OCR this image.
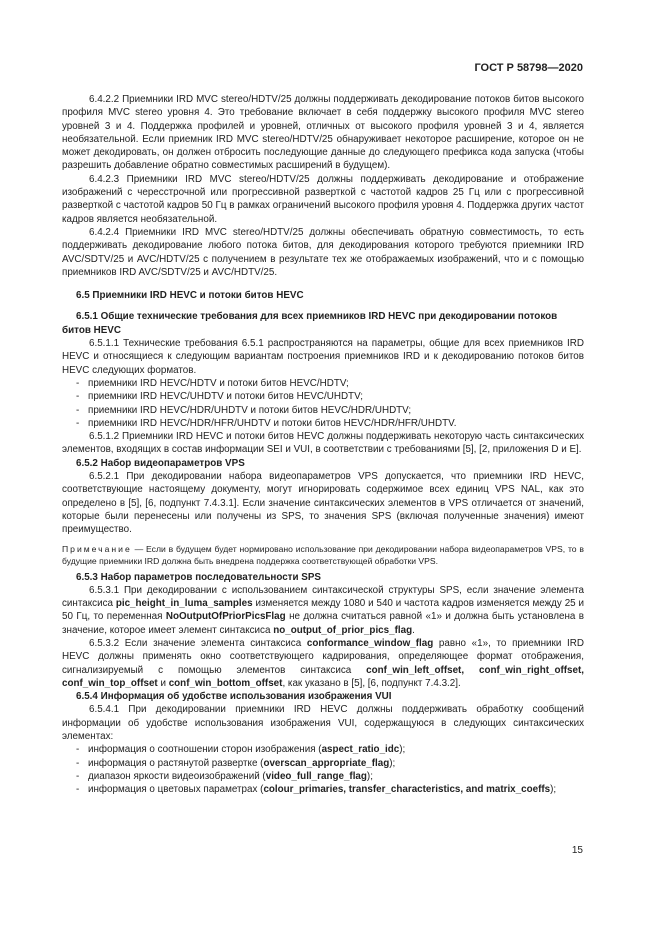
ГОСТ Р 58798—2020

6.4.2.2 Приемники IRD MVC stereo/HDTV/25 должны поддерживать декодирование потоков битов высокого профиля MVC stereo уровня 4. Это требование включает в себя поддержку высокого профиля MVC stereo уровней 3 и 4. Поддержка профилей и уровней, отличных от высокого профиля уровней 3 и 4, является необязательной. Если приемник IRD MVC stereo/HDTV/25 обнаруживает некоторое расширение, которое он не может декодировать, он должен отбросить последующие данные до следующего префикса кода запуска (чтобы разрешить добавление обратно совместимых расширений в будущем).

6.4.2.3 Приемники IRD MVC stereo/HDTV/25 должны поддерживать декодирование и отображение изображений с чересстрочной или прогрессивной разверткой с частотой кадров 25 Гц или с прогрессивной разверткой с частотой кадров 50 Гц в рамках ограничений высокого профиля уровня 4. Поддержка других частот кадров является необязательной.

6.4.2.4 Приемники IRD MVC stereo/HDTV/25 должны обеспечивать обратную совместимость, то есть поддерживать декодирование любого потока битов, для декодирования которого требуются приемники IRD AVC/SDTV/25 и AVC/HDTV/25 с получением в результате тех же отображаемых изображений, что и с помощью приемников IRD AVC/SDTV/25 и AVC/HDTV/25.

6.5 Приемники IRD HEVC и потоки битов HEVC

6.5.1 Общие технические требования для всех приемников IRD HEVC при декодировании потоков битов HEVC

6.5.1.1 Технические требования 6.5.1 распространяются на параметры, общие для всех приемников IRD HEVC и относящиеся к следующим вариантам построения приемников IRD и к декодированию потоков битов HEVC следующих форматов.

- приемники IRD HEVC/HDTV и потоки битов HEVC/HDTV;

- приемники IRD HEVC/UHDTV и потоки битов HEVC/UHDTV;

- приемники IRD HEVC/HDR/UHDTV и потоки битов HEVC/HDR/UHDTV;

- приемники IRD HEVC/HDR/HFR/UHDTV и потоки битов HEVC/HDR/HFR/UHDTV.

6.5.1.2 Приемники IRD HEVC и потоки битов HEVC должны поддерживать некоторую часть синтаксических элементов, входящих в состав информации SEI и VUI, в соответствии с требованиями [5], [2, приложения D и E].

6.5.2 Набор видеопараметров VPS

6.5.2.1 При декодировании набора видеопараметров VPS допускается, что приемники IRD HEVC, соответствующие настоящему документу, могут игнорировать содержимое всех единиц VPS NAL, как это определено в [5], [6, подпункт 7.4.3.1]. Если значение синтаксических элементов в VPS отличается от значений, которые были перенесены или получены из SPS, то значения SPS (включая полученные значения) имеют преимущество.

Примечание — Если в будущем будет нормировано использование при декодировании набора видеопараметров VPS, то в будущие приемники IRD должна быть внедрена поддержка соответствующей обработки VPS.

6.5.3 Набор параметров последовательности SPS

6.5.3.1 При декодировании с использованием синтаксической структуры SPS, если значение элемента синтаксиса pic_height_in_luma_samples изменяется между 1080 и 540 и частота кадров изменяется между 25 и 50 Гц, то переменная NoOutputOfPriorPicsFlag не должна считаться равной «1» и должна быть установлена в значение, которое имеет элемент синтаксиса no_output_of_prior_pics_flag.

6.5.3.2 Если значение элемента синтаксиса conformance_window_flag равно «1», то приемники IRD HEVC должны применять окно соответствующего кадрирования, определяющее формат отображения, сигнализируемый с помощью элементов синтаксиса conf_win_left_offset, conf_win_right_offset, conf_win_top_offset и conf_win_bottom_offset, как указано в [5], [6, подпункт 7.4.3.2].

6.5.4 Информация об удобстве использования изображения VUI

6.5.4.1 При декодировании приемники IRD HEVC должны поддерживать обработку сообщений информации об удобстве использования изображения VUI, содержащуюся в следующих синтаксических элементах:

- информация о соотношении сторон изображения (aspect_ratio_idc);

- информация о растянутой развертке (overscan_appropriate_flag);

- диапазон яркости видеоизображений (video_full_range_flag);

- информация о цветовых параметрах (colour_primaries, transfer_characteristics, and matrix_coeffs);

15
